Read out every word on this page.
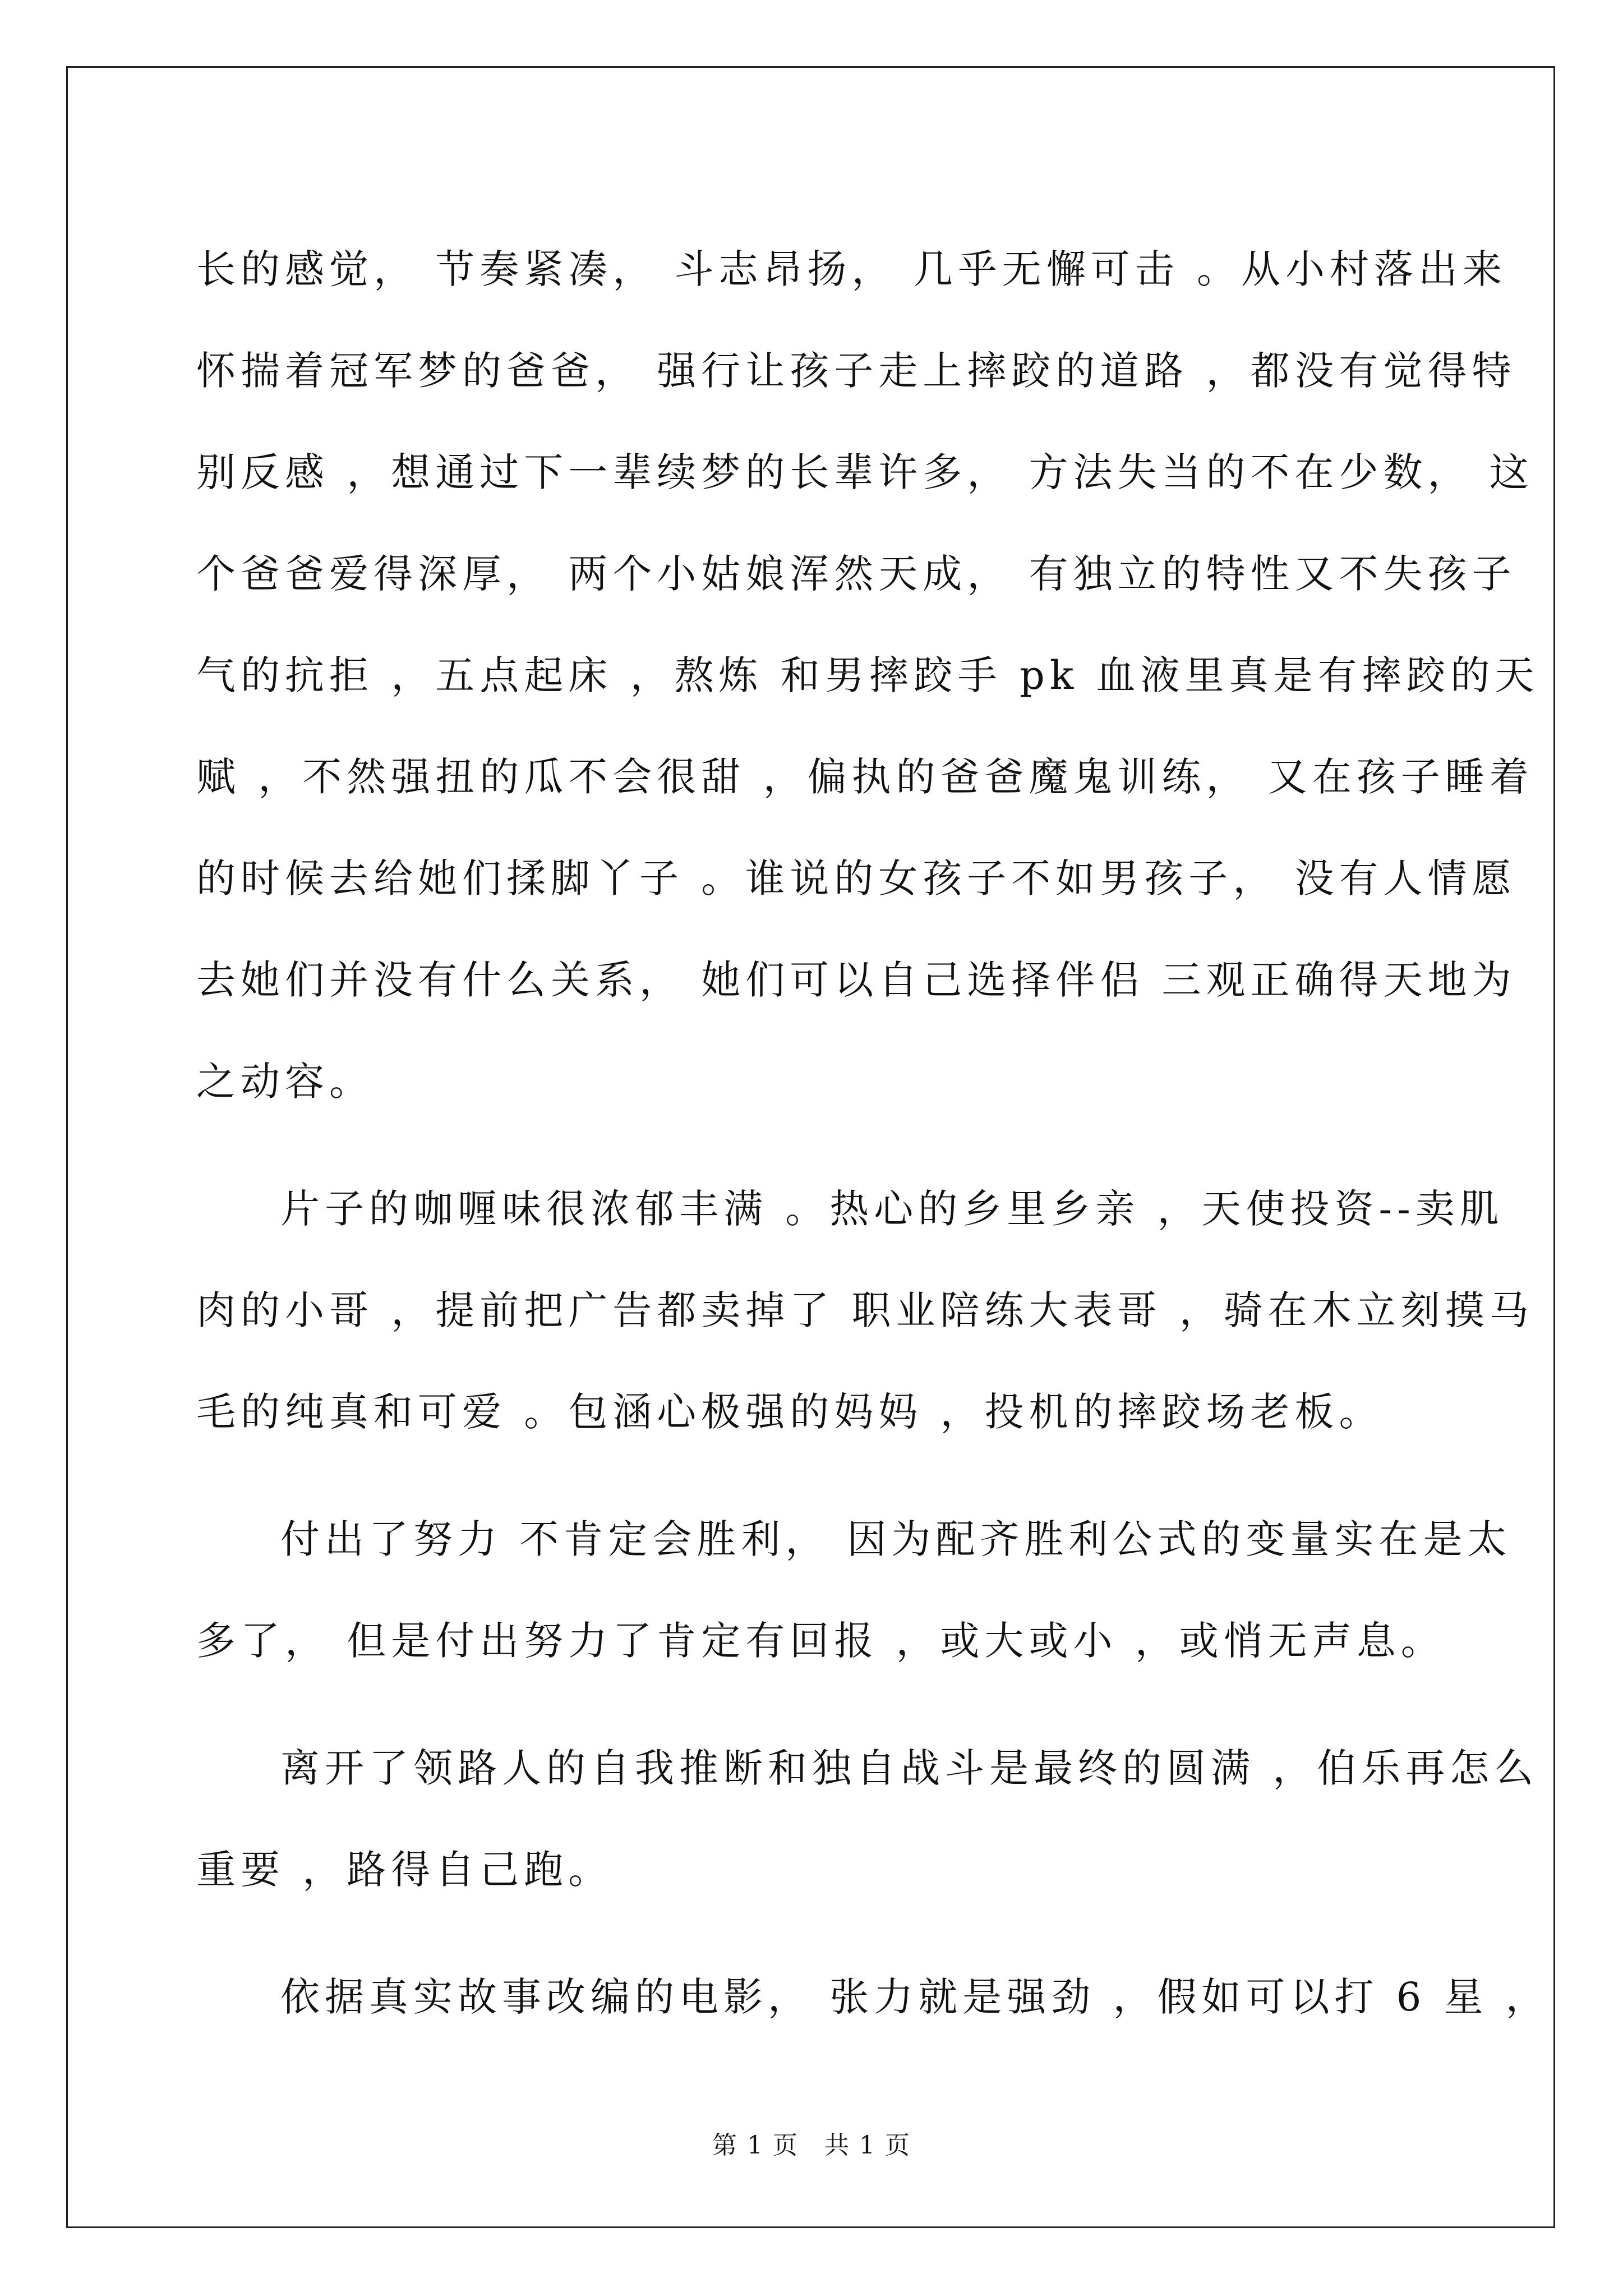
长的感觉， 节奏紧凑， 斗志昂扬， 几乎无懈可击 。从小村落出来
怀揣着冠军梦的爸爸， 强行让孩子走上摔跤的道路 ，都没有觉得特
别反感 ，想通过下一辈续梦的长辈许多， 方法失当的不在少数， 这
个爸爸爱得深厚， 两个小姑娘浑然天成， 有独立的特性又不失孩子
气的抗拒 ，五点起床 ，熬炼 和男摔跤手 pk 血液里真是有摔跤的天
赋 ，不然强扭的瓜不会很甜 ，偏执的爸爸魔鬼训练， 又在孩子睡着
的时候去给她们揉脚丫子 。谁说的女孩子不如男孩子， 没有人情愿
去她们并没有什么关系， 她们可以自己选择伴侣 三观正确得天地为
之动容。
片子的咖喱味很浓郁丰满 。热心的乡里乡亲 ，天使投资--卖肌
肉的小哥 ，提前把广告都卖掉了 职业陪练大表哥 ，骑在木立刻摸马
毛的纯真和可爱 。包涵心极强的妈妈 ，投机的摔跤场老板。
付出了努力 不肯定会胜利， 因为配齐胜利公式的变量实在是太
多了， 但是付出努力了肯定有回报 ，或大或小 ，或悄无声息。
离开了领路人的自我推断和独自战斗是最终的圆满 ，伯乐再怎么
重要 ，路得自己跑。
依据真实故事改编的电影， 张力就是强劲 ，假如可以打 6 星 ，
第 1 页　共 1 页
